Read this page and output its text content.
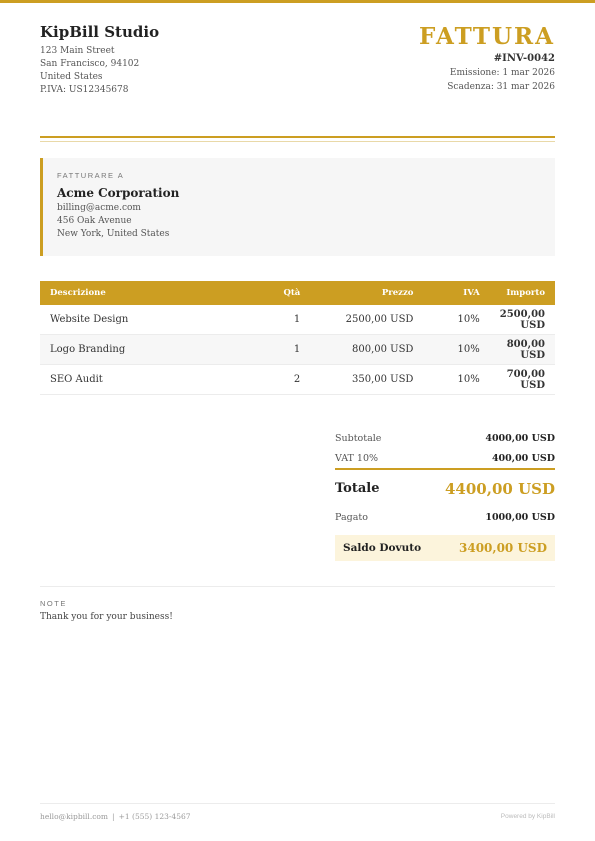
KipBill Studio
123 Main Street
San Francisco, 94102
United States
P.IVA: US12345678
FATTURA
#INV-0042
Emissione: 1 mar 2026
Scadenza: 31 mar 2026
FATTURARE A
Acme Corporation
billing@acme.com
456 Oak Avenue
New York, United States
Descrizione	Qtà	Prezzo	IVA	Importo
Website Design	1	2500,00 USD	10%	2500,00 USD
Logo Branding	1	800,00 USD	10%	800,00 USD
SEO Audit	2	350,00 USD	10%	700,00 USD
Subtotale	4000,00 USD
VAT 10%	400,00 USD
Totale	4400,00 USD
Pagato	1000,00 USD
Saldo Dovuto	3400,00 USD
NOTE
Thank you for your business!
hello@kipbill.com | +1 (555) 123-4567	Powered by KipBill
